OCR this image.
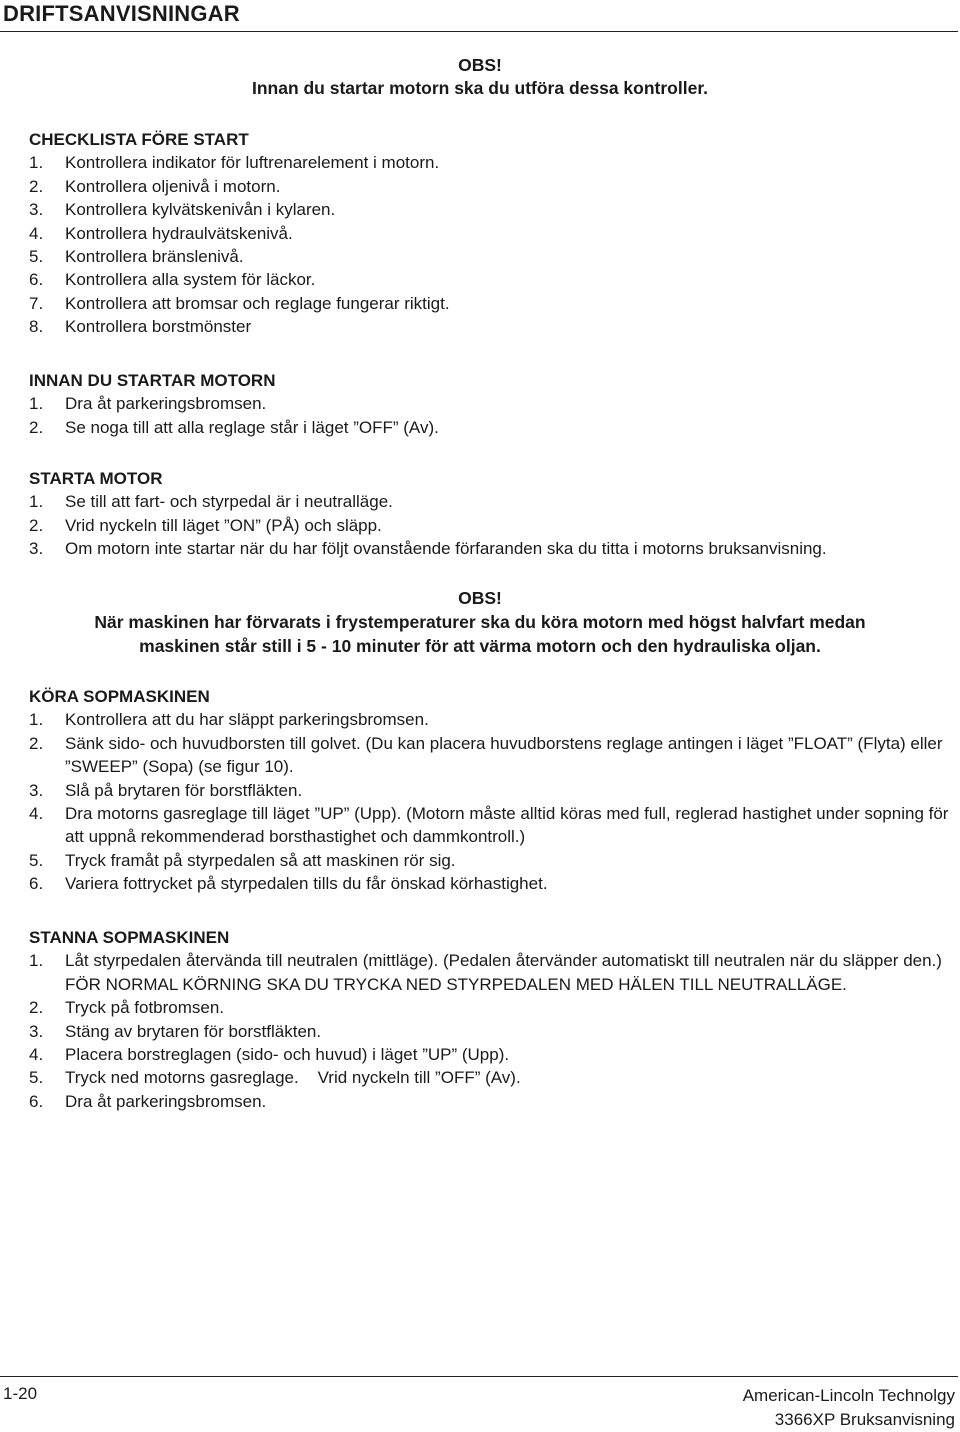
DRIFTSANVISNINGAR
OBS!
Innan du startar motorn ska du utföra dessa kontroller.
CHECKLISTA FÖRE START
1.	Kontrollera indikator för luftrenarelement i motorn.
2.	Kontrollera oljenivå i motorn.
3.	Kontrollera kylvätskenivån i kylaren.
4.	Kontrollera hydraulvätskenivå.
5.	Kontrollera bränslenivå.
6.	Kontrollera alla system för läckor.
7.	Kontrollera att bromsar och reglage fungerar riktigt.
8.	Kontrollera borstmönster
INNAN DU STARTAR MOTORN
1.	Dra åt parkeringsbromsen.
2.	Se noga till att alla reglage står i läget ”OFF” (Av).
STARTA MOTOR
1.	Se till att fart- och styrpedal är i neutralläge.
2.	Vrid nyckeln till läget ”ON” (PÅ) och släpp.
3.	Om motorn inte startar när du har följt ovanstående förfaranden ska du titta i motorns bruksanvisning.
OBS!
När maskinen har förvarats i frystemperaturer ska du köra motorn med högst halvfart medan
maskinen står still i 5 - 10 minuter för att värma motorn och den hydrauliska oljan.
KÖRA SOPMASKINEN
1.	Kontrollera att du har släppt parkeringsbromsen.
2.	Sänk sido- och huvudborsten till golvet. (Du kan placera huvudborstens reglage antingen i läget ”FLOAT” (Flyta) eller ”SWEEP” (Sopa) (se figur 10).
3.	Slå på brytaren för borstfläkten.
4.	Dra motorns gasreglage till läget ”UP” (Upp). (Motorn måste alltid köras med full, reglerad hastighet under sopning för att uppnå rekommenderad borsthastighet och dammkontroll.)
5.	Tryck framåt på styrpedalen så att maskinen rör sig.
6.	Variera fottrycket på styrpedalen tills du får önskad körhastighet.
STANNA SOPMASKINEN
1.	Låt styrpedalen återvända till neutralen (mittläge). (Pedalen återvänder automatiskt till neutralen när du släpper den.) FÖR NORMAL KÖRNING SKA DU TRYCKA NED STYRPEDALEN MED HÄLEN TILL NEUTRALLÄGE.
2.	Tryck på fotbromsen.
3.	Stäng av brytaren för borstfläkten.
4.	Placera borstreglagen (sido- och huvud) i läget ”UP” (Upp).
5.	Tryck ned motorns gasreglage.    Vrid nyckeln till ”OFF” (Av).
6.	Dra åt parkeringsbromsen.
1-20	American-Lincoln Technolgy
3366XP Bruksanvisning
